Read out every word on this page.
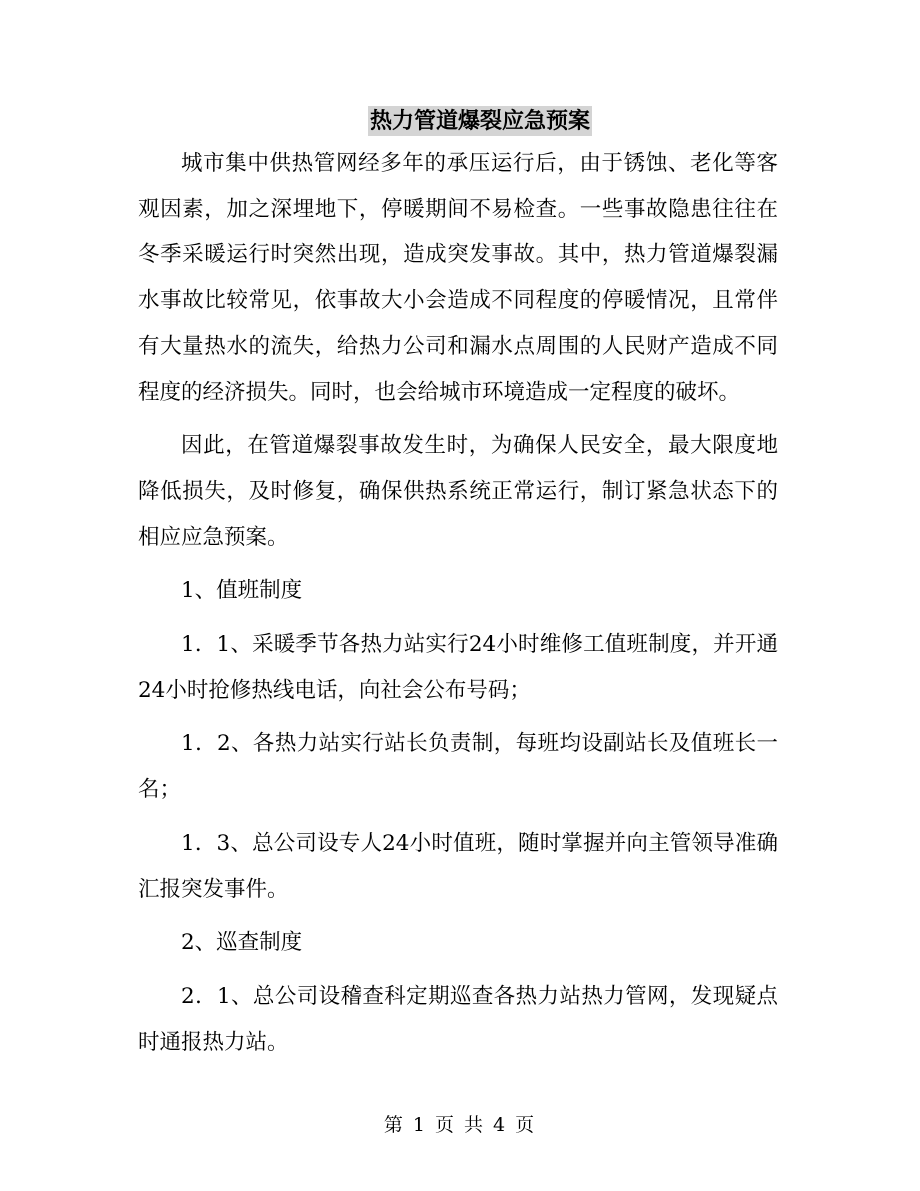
热力管道爆裂应急预案

城市集中供热管网经多年的承压运行后，由于锈蚀、老化等客观因素，加之深埋地下，停暖期间不易检查。一些事故隐患往往在冬季采暖运行时突然出现，造成突发事故。其中，热力管道爆裂漏水事故比较常见，依事故大小会造成不同程度的停暖情况，且常伴有大量热水的流失，给热力公司和漏水点周围的人民财产造成不同程度的经济损失。同时，也会给城市环境造成一定程度的破坏。

因此，在管道爆裂事故发生时，为确保人民安全，最大限度地降低损失，及时修复，确保供热系统正常运行，制订紧急状态下的相应应急预案。

1、值班制度

1．1、采暖季节各热力站实行24小时维修工值班制度，并开通24小时抢修热线电话，向社会公布号码；

1．2、各热力站实行站长负责制，每班均设副站长及值班长一名；

1．3、总公司设专人24小时值班，随时掌握并向主管领导准确汇报突发事件。

2、巡查制度

2．1、总公司设稽查科定期巡查各热力站热力管网，发现疑点时通报热力站。

第 1 页 共 4 页
